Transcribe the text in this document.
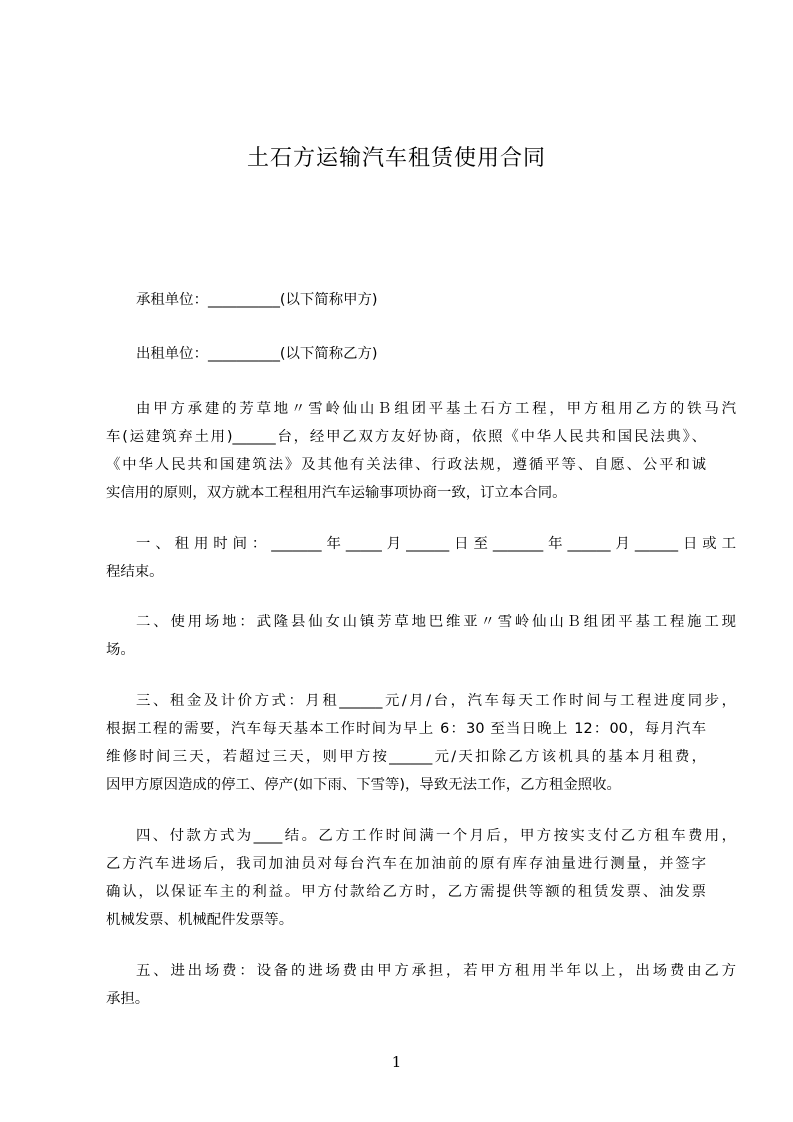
土石方运输汽车租赁使用合同
承租单位：__________(以下简称甲方)
出租单位：__________(以下简称乙方)
由甲方承建的芳草地〃雪岭仙山Ｂ组团平基土石方工程，甲方租用乙方的铁马汽
车(运建筑弃土用)______台，经甲乙双方友好协商，依照《中华人民共和国民法典》、
《中华人民共和国建筑法》及其他有关法律、行政法规，遵循平等、自愿、公平和诚
实信用的原则，双方就本工程租用汽车运输事项协商一致，订立本合同。
一、租用时间：_______年_____月______日至_______年______月______日或工
程结束。
二、使用场地：武隆县仙女山镇芳草地巴维亚〃雪岭仙山Ｂ组团平基工程施工现
场。
三、租金及计价方式：月租______元/月/台，汽车每天工作时间与工程进度同步，
根据工程的需要，汽车每天基本工作时间为早上 6：30 至当日晚上 12：00，每月汽车
维修时间三天，若超过三天，则甲方按______元/天扣除乙方该机具的基本月租费，
因甲方原因造成的停工、停产(如下雨、下雪等)，导致无法工作，乙方租金照收。
四、付款方式为____结。乙方工作时间满一个月后，甲方按实支付乙方租车费用，
乙方汽车进场后，我司加油员对每台汽车在加油前的原有库存油量进行测量，并签字
确认，以保证车主的利益。甲方付款给乙方时，乙方需提供等额的租赁发票、油发票
机械发票、机械配件发票等。
五、进出场费：设备的进场费由甲方承担，若甲方租用半年以上，出场费由乙方
承担。
1
